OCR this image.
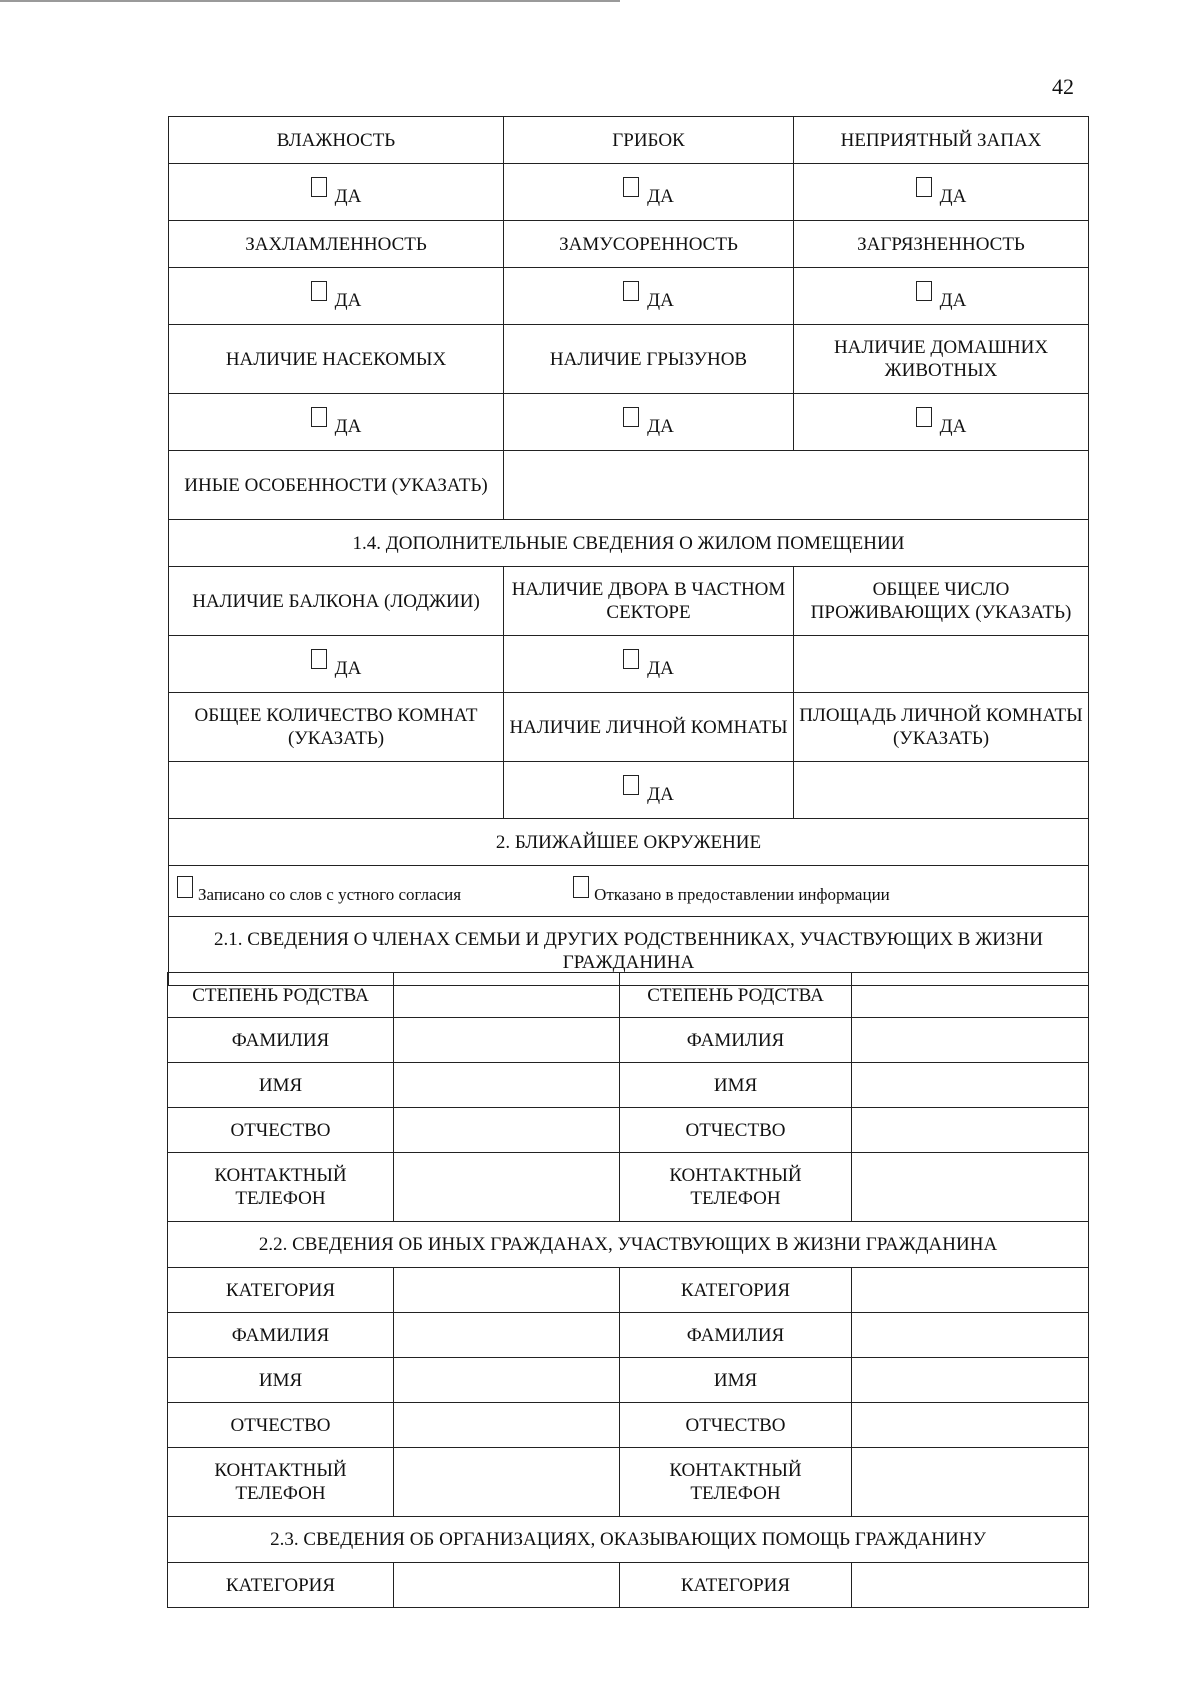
42
ВЛАЖНОСТЬ	ГРИБОК	НЕПРИЯТНЫЙ ЗАПАХ
ДА	ДА	ДА
ЗАХЛАМЛЕННОСТЬ	ЗАМУСОРЕННОСТЬ	ЗАГРЯЗНЕННОСТЬ
ДА	ДА	ДА
НАЛИЧИЕ НАСЕКОМЫХ	НАЛИЧИЕ ГРЫЗУНОВ	НАЛИЧИЕ ДОМАШНИХ ЖИВОТНЫХ
ДА	ДА	ДА
ИНЫЕ ОСОБЕННОСТИ (УКАЗАТЬ)		
1.4. ДОПОЛНИТЕЛЬНЫЕ СВЕДЕНИЯ О ЖИЛОМ ПОМЕЩЕНИИ		
НАЛИЧИЕ БАЛКОНА (ЛОДЖИИ)	НАЛИЧИЕ ДВОРА В ЧАСТНОМ СЕКТОРЕ	ОБЩЕЕ ЧИСЛО ПРОЖИВАЮЩИХ (УКАЗАТЬ)
ДА	ДА	
ОБЩЕЕ КОЛИЧЕСТВО КОМНАТ (УКАЗАТЬ)	НАЛИЧИЕ ЛИЧНОЙ КОМНАТЫ	ПЛОЩАДЬ ЛИЧНОЙ КОМНАТЫ (УКАЗАТЬ)
	ДА	
2. БЛИЖАЙШЕЕ ОКРУЖЕНИЕ		
Записано со слов с устного согласия Отказано в предоставлении информации		
2.1. СВЕДЕНИЯ О ЧЛЕНАХ СЕМЬИ И ДРУГИХ РОДСТВЕННИКАХ, УЧАСТВУЮЩИХ В ЖИЗНИ ГРАЖДАНИНА		
СТЕПЕНЬ РОДСТВА		СТЕПЕНЬ РОДСТВА	
ФАМИЛИЯ		ФАМИЛИЯ	
ИМЯ		ИМЯ	
ОТЧЕСТВО		ОТЧЕСТВО	
КОНТАКТНЫЙ ТЕЛЕФОН		КОНТАКТНЫЙ ТЕЛЕФОН	
2.2. СВЕДЕНИЯ ОБ ИНЫХ ГРАЖДАНАХ, УЧАСТВУЮЩИХ В ЖИЗНИ ГРАЖДАНИНА			
КАТЕГОРИЯ		КАТЕГОРИЯ	
ФАМИЛИЯ		ФАМИЛИЯ	
ИМЯ		ИМЯ	
ОТЧЕСТВО		ОТЧЕСТВО	
КОНТАКТНЫЙ ТЕЛЕФОН		КОНТАКТНЫЙ ТЕЛЕФОН	
2.3. СВЕДЕНИЯ ОБ ОРГАНИЗАЦИЯХ, ОКАЗЫВАЮЩИХ ПОМОЩЬ ГРАЖДАНИНУ			
КАТЕГОРИЯ		КАТЕГОРИЯ	
